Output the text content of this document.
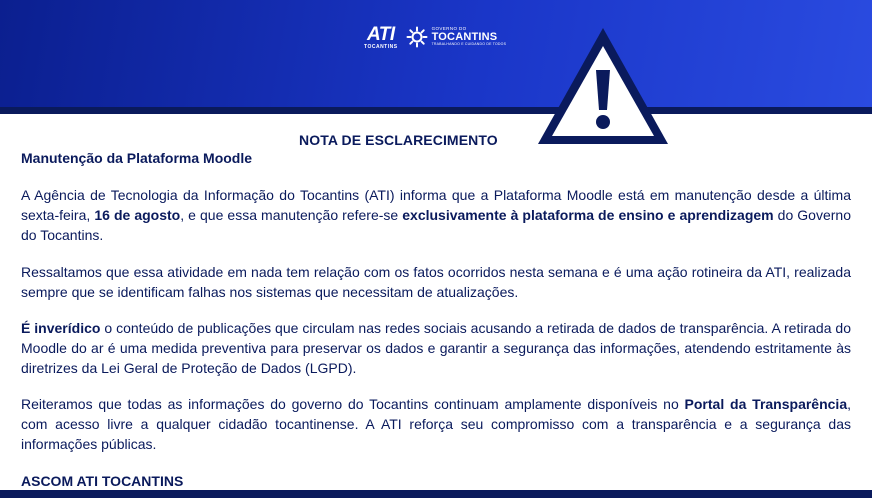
ATI
TOCANTINS
GOVERNO DO
TOCANTINS
TRABALHANDO E CUIDANDO DE TODOS
NOTA DE ESCLARECIMENTO

Manutenção da Plataforma Moodle

A Agência de Tecnologia da Informação do Tocantins (ATI) informa que a Plataforma Moodle está em manutenção desde a última sexta-feira, 16 de agosto, e que essa manutenção refere-se exclusivamente à plataforma de ensino e aprendizagem do Governo do Tocantins.

Ressaltamos que essa atividade em nada tem relação com os fatos ocorridos nesta semana e é uma ação rotineira da ATI, realizada sempre que se identificam falhas nos sistemas que necessitam de atualizações.

É inverídico o conteúdo de publicações que circulam nas redes sociais acusando a retirada de dados de transparência. A retirada do Moodle do ar é uma medida preventiva para preservar os dados e garantir a segurança das informações, atendendo estritamente às diretrizes da Lei Geral de Proteção de Dados (LGPD).

Reiteramos que todas as informações do governo do Tocantins continuam amplamente disponíveis no Portal da Transparência, com acesso livre a qualquer cidadão tocantinense. A ATI reforça seu compromisso com a transparência e a segurança das informações públicas.

ASCOM ATI TOCANTINS
